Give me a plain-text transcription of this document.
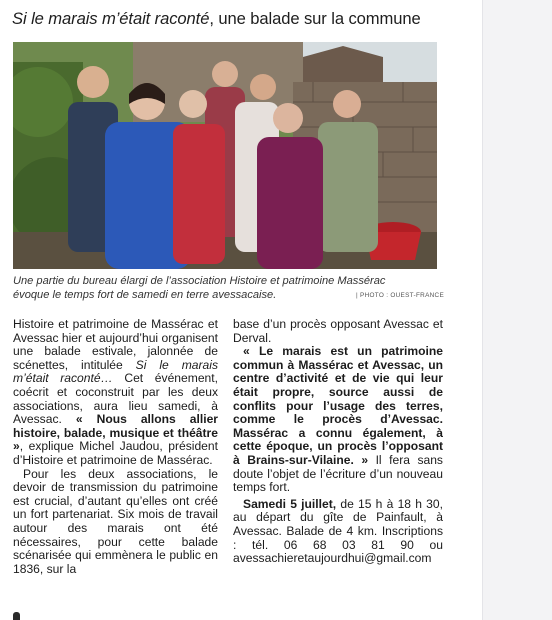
Si le marais m’était raconté, une balade sur la commune
Une partie du bureau élargi de l’association Histoire et patrimoine Massérac
évoque le temps fort de samedi en terre avessacaise.	| PHOTO : OUEST-FRANCE

Histoire et patrimoine de Massérac et Avessac hier et aujourd’hui organisent une balade estivale, jalonnée de scénettes, intitulée Si le marais m’était raconté… Cet événement, coécrit et coconstruit par les deux associations, aura lieu samedi, à Avessac. « Nous allons allier histoire, balade, musique et théâtre », explique Michel Jaudou, président d’Histoire et patrimoine de Massérac.

Pour les deux associations, le devoir de transmission du patrimoine est crucial, d’autant qu’elles ont créé un fort partenariat. Six mois de travail autour des marais ont été nécessaires, pour cette balade scénarisée qui emmènera le public en 1836, sur la

base d’un procès opposant Avessac et Derval.

« Le marais est un patrimoine commun à Massérac et Avessac, un centre d’activité et de vie qui leur était propre, source aussi de conflits pour l’usage des terres, comme le procès d’Avessac. Massérac a connu également, à cette époque, un procès l’opposant à Brains-sur-Vilaine. » Il fera sans doute l’objet de l’écriture d’un nouveau temps fort.

Samedi 5 juillet, de 15 h à 18 h 30, au départ du gîte de Painfault, à Avessac. Balade de 4 km. Inscriptions : tél. 06 68 03 81 90 ou avessachieretaujourdhui@gmail.com
